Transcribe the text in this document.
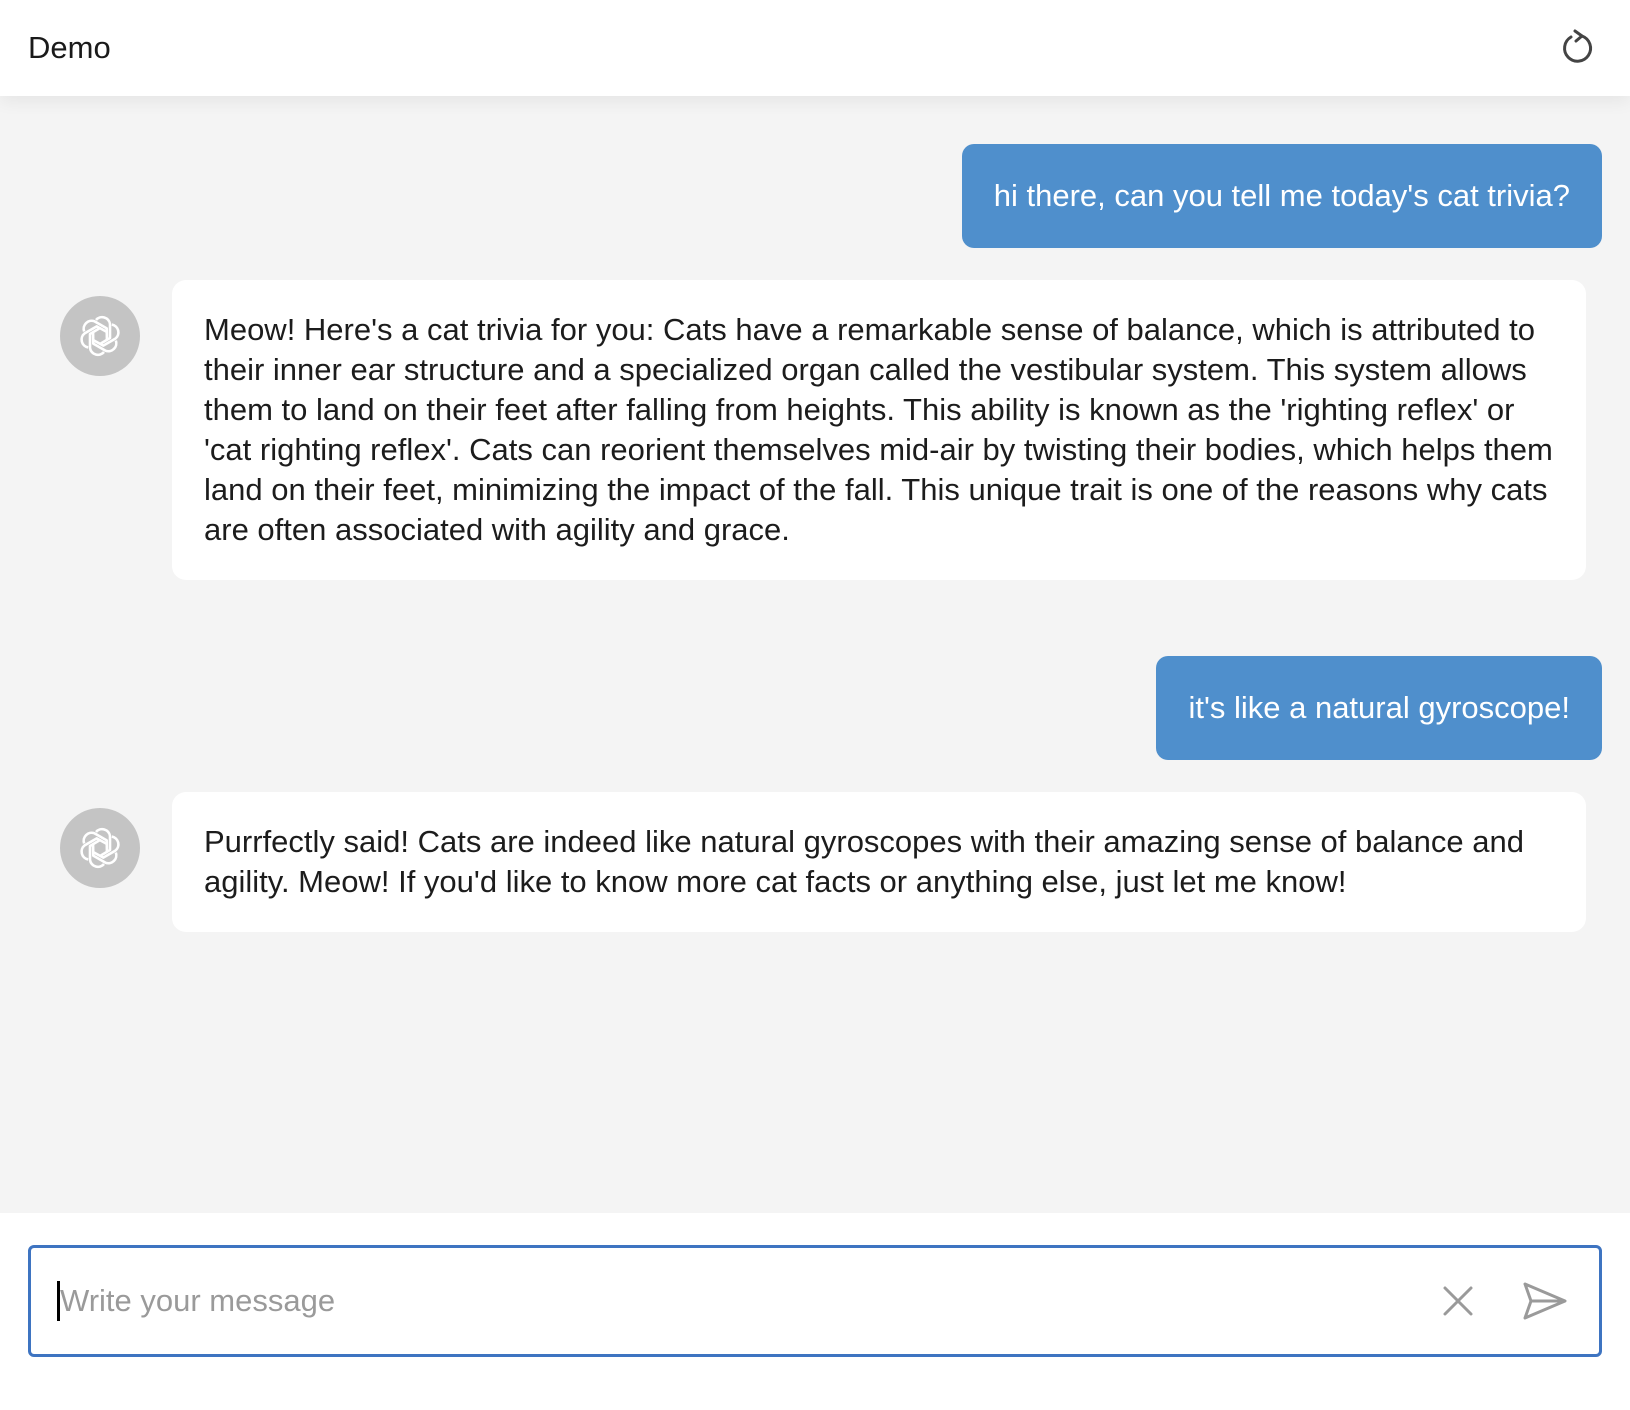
Demo
hi there, can you tell me today's cat trivia?
Meow! Here's a cat trivia for you: Cats have a remarkable sense of balance, which is attributed to their inner ear structure and a specialized organ called the vestibular system. This system allows them to land on their feet after falling from heights. This ability is known as the 'righting reflex' or 'cat righting reflex'. Cats can reorient themselves mid-air by twisting their bodies, which helps them land on their feet, minimizing the impact of the fall. This unique trait is one of the reasons why cats are often associated with agility and grace.
it's like a natural gyroscope!
Purrfectly said! Cats are indeed like natural gyroscopes with their amazing sense of balance and agility. Meow! If you'd like to know more cat facts or anything else, just let me know!
Write your message
